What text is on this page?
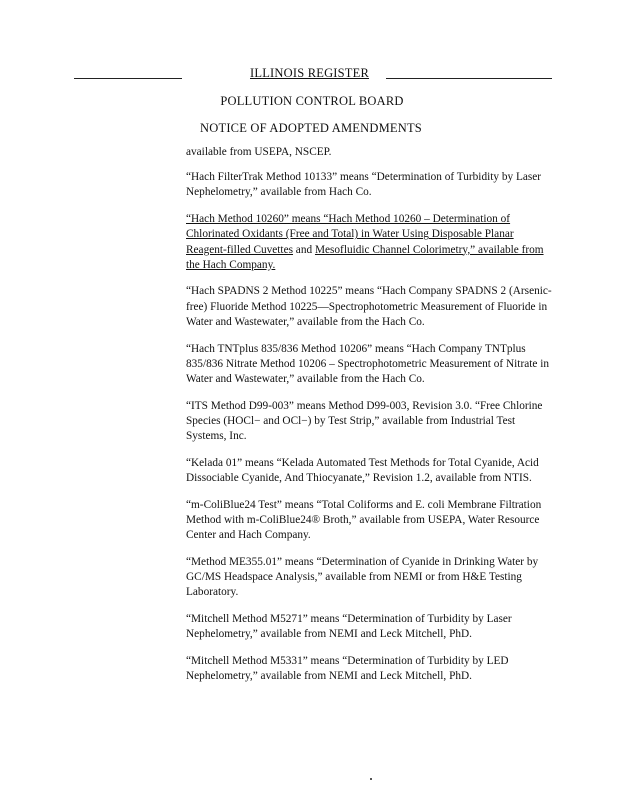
ILLINOIS REGISTER
POLLUTION CONTROL BOARD
NOTICE OF ADOPTED AMENDMENTS

available from USEPA, NSCEP.

“Hach FilterTrak Method 10133” means “Determination of Turbidity by Laser Nephelometry,” available from Hach Co.

“Hach Method 10260” means “Hach Method 10260 – Determination of Chlorinated Oxidants (Free and Total) in Water Using Disposable Planar Reagent-filled Cuvettes and Mesofluidic Channel Colorimetry,” available from the Hach Company.

“Hach SPADNS 2 Method 10225” means “Hach Company SPADNS 2 (Arsenic-free) Fluoride Method 10225—Spectrophotometric Measurement of Fluoride in Water and Wastewater,” available from the Hach Co.

“Hach TNTplus 835/836 Method 10206” means “Hach Company TNTplus 835/836 Nitrate Method 10206 – Spectrophotometric Measurement of Nitrate in Water and Wastewater,” available from the Hach Co.

“ITS Method D99-003” means Method D99-003, Revision 3.0. “Free Chlorine Species (HOCl− and OCl−) by Test Strip,” available from Industrial Test Systems, Inc.

“Kelada 01” means “Kelada Automated Test Methods for Total Cyanide, Acid Dissociable Cyanide, And Thiocyanate,” Revision 1.2, available from NTIS.

“m-ColiBlue24 Test” means “Total Coliforms and E. coli Membrane Filtration Method with m-ColiBlue24® Broth,” available from USEPA, Water Resource Center and Hach Company.

“Method ME355.01” means “Determination of Cyanide in Drinking Water by GC/MS Headspace Analysis,” available from NEMI or from H&E Testing Laboratory.

“Mitchell Method M5271” means “Determination of Turbidity by Laser Nephelometry,” available from NEMI and Leck Mitchell, PhD.

“Mitchell Method M5331” means “Determination of Turbidity by LED Nephelometry,” available from NEMI and Leck Mitchell, PhD.
